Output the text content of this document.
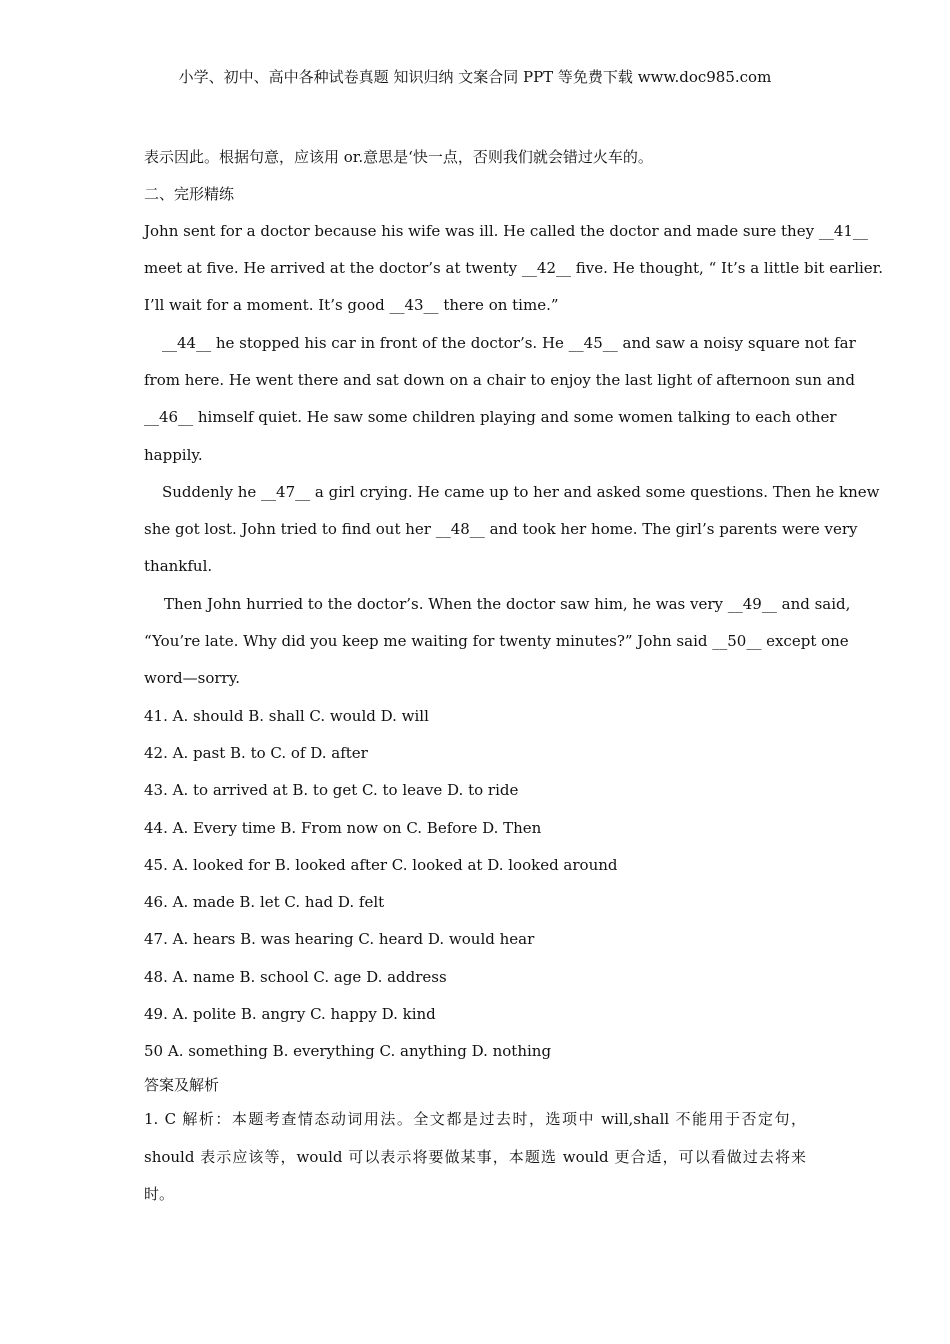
小学、初中、高中各种试卷真题 知识归纳 文案合同 PPT 等免费下载 www.doc985.com
表示因此。根据句意，应该用 or.意思是‘快一点，否则我们就会错过火车的。
二、完形精练
John sent for a doctor because his wife was ill. He called the doctor and made sure they __41__
meet at five. He arrived at the doctor’s at twenty __42__ five. He thought, “ It’s a little bit earlier.
I’ll wait for a moment. It’s good __43__ there on time.”
__44__ he stopped his car in front of the doctor’s. He __45__ and saw a noisy square not far
from here. He went there and sat down on a chair to enjoy the last light of afternoon sun and
__46__ himself quiet. He saw some children playing and some women talking to each other
happily.
Suddenly he __47__ a girl crying. He came up to her and asked some questions. Then he knew
she got lost. John tried to find out her __48__ and took her home. The girl’s parents were very
thankful.
Then John hurried to the doctor’s. When the doctor saw him, he was very __49__ and said,
“You’re late. Why did you keep me waiting for twenty minutes?” John said __50__ except one
word—sorry.
41. A. should B. shall C. would D. will
42. A. past B. to C. of D. after
43. A. to arrived at B. to get C. to leave D. to ride
44. A. Every time B. From now on C. Before D. Then
45. A. looked for B. looked after C. looked at D. looked around
46. A. made B. let C. had D. felt
47. A. hears B. was hearing C. heard D. would hear
48. A. name B. school C. age D. address
49. A. polite B. angry C. happy D. kind
50 A. something B. everything C. anything D. nothing
答案及解析
1. C 解析：本题考查情态动词用法。全文都是过去时，选项中 will,shall 不能用于否定句，
should 表示应该等，would 可以表示将要做某事，本题选 would 更合适，可以看做过去将来
时。
